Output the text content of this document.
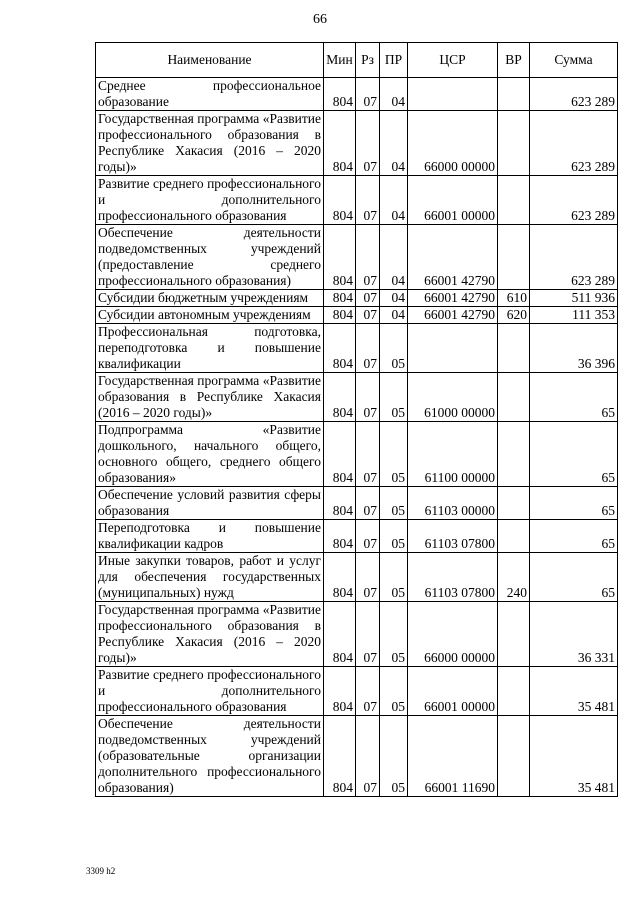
66
Наименование	Мин	Рз	ПР	ЦСР	ВР	Сумма
Среднее профессиональное образование	804	07	04			623 289
Государственная программа «Развитие профессионального образования в Республике Хакасия (2016 – 2020 годы)»	804	07	04	66000 00000		623 289
Развитие среднего профессионального и дополнительного профессионального образования	804	07	04	66001 00000		623 289
Обеспечение деятельности подведомственных учреждений (предоставление среднего профессионального образования)	804	07	04	66001 42790		623 289
Субсидии бюджетным учреждениям	804	07	04	66001 42790	610	511 936
Субсидии автономным учреждениям	804	07	04	66001 42790	620	111 353
Профессиональная подготовка, переподготовка и повышение квалификации	804	07	05			36 396
Государственная программа «Развитие образования в Республике Хакасия (2016 – 2020 годы)»	804	07	05	61000 00000		65
Подпрограмма «Развитие дошкольного, начального общего, основного общего, среднего общего образования»	804	07	05	61100 00000		65
Обеспечение условий развития сферы образования	804	07	05	61103 00000		65
Переподготовка и повышение квалификации кадров	804	07	05	61103 07800		65
Иные закупки товаров, работ и услуг для обеспечения государственных (муниципальных) нужд	804	07	05	61103 07800	240	65
Государственная программа «Развитие профессионального образования в Республике Хакасия (2016 – 2020 годы)»	804	07	05	66000 00000		36 331
Развитие среднего профессионального и дополнительного профессионального образования	804	07	05	66001 00000		35 481
Обеспечение деятельности подведомственных учреждений (образовательные организации дополнительного профессионального образования)	804	07	05	66001 11690		35 481
3309 h2
